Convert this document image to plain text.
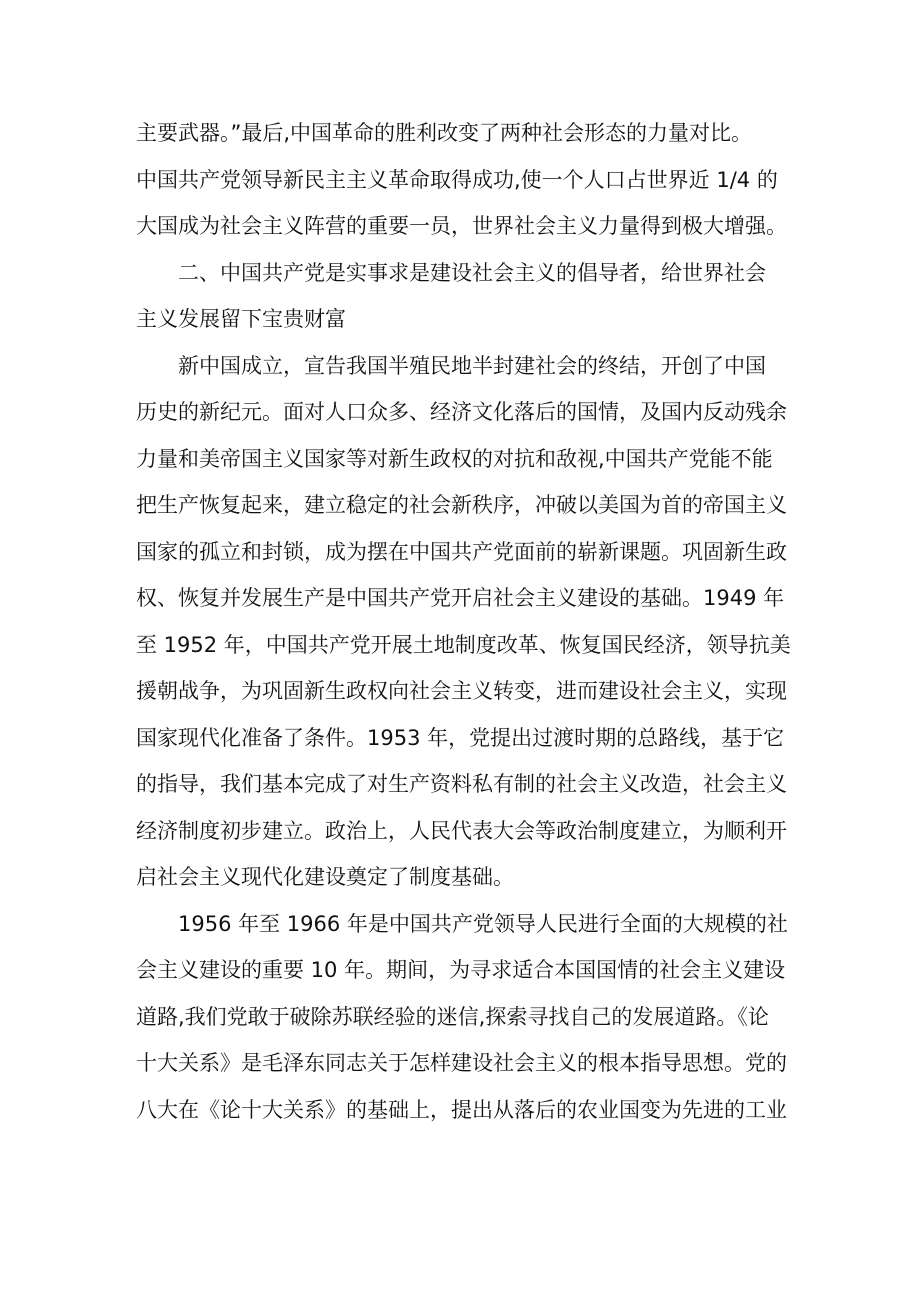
主要武器。”最后,中国革命的胜利改变了两种社会形态的力量对比。
中国共产党领导新民主主义革命取得成功,使一个人口占世界近 1/4 的
大国成为社会主义阵营的重要一员，世界社会主义力量得到极大增强。

　　二、中国共产党是实事求是建设社会主义的倡导者，给世界社会
主义发展留下宝贵财富

　　新中国成立，宣告我国半殖民地半封建社会的终结，开创了中国
历史的新纪元。面对人口众多、经济文化落后的国情，及国内反动残余
力量和美帝国主义国家等对新生政权的对抗和敌视,中国共产党能不能
把生产恢复起来，建立稳定的社会新秩序，冲破以美国为首的帝国主义
国家的孤立和封锁，成为摆在中国共产党面前的崭新课题。巩固新生政
权、恢复并发展生产是中国共产党开启社会主义建设的基础。1949 年
至 1952 年，中国共产党开展土地制度改革、恢复国民经济，领导抗美
援朝战争，为巩固新生政权向社会主义转变，进而建设社会主义，实现
国家现代化准备了条件。1953 年，党提出过渡时期的总路线，基于它
的指导，我们基本完成了对生产资料私有制的社会主义改造，社会主义
经济制度初步建立。政治上，人民代表大会等政治制度建立，为顺利开
启社会主义现代化建设奠定了制度基础。

　　1956 年至 1966 年是中国共产党领导人民进行全面的大规模的社
会主义建设的重要 10 年。期间，为寻求适合本国国情的社会主义建设
道路,我们党敢于破除苏联经验的迷信,探索寻找自己的发展道路。《论
十大关系》是毛泽东同志关于怎样建设社会主义的根本指导思想。党的
八大在《论十大关系》的基础上，提出从落后的农业国变为先进的工业
